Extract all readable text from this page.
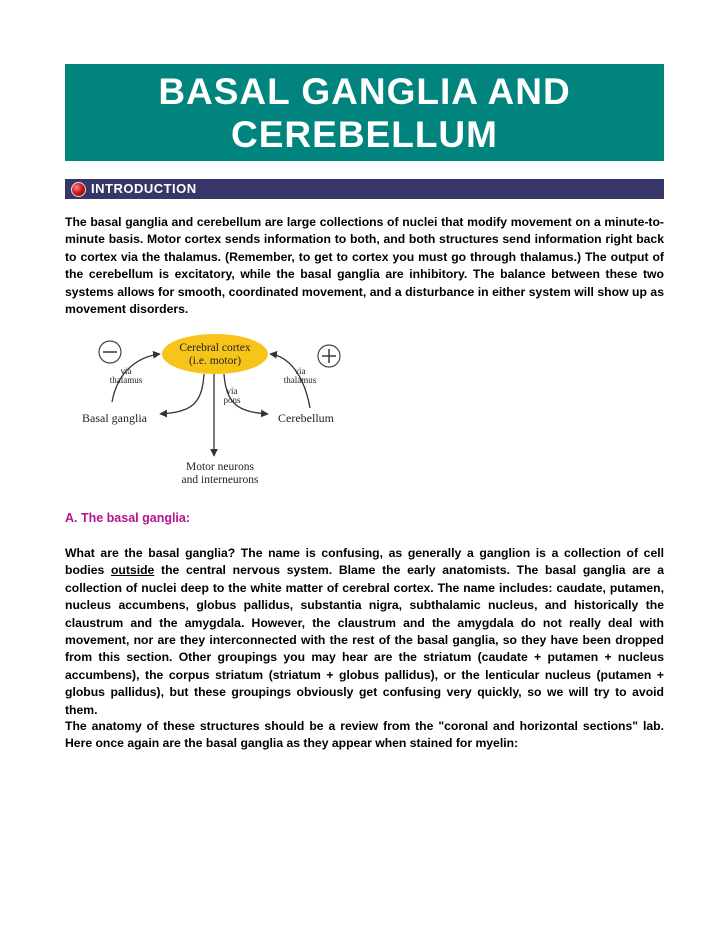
BASAL GANGLIA AND
CEREBELLUM
INTRODUCTION

The basal ganglia and cerebellum are large collections of nuclei that modify movement on a minute-to-minute basis. Motor cortex sends information to both, and both structures send information right back to cortex via the thalamus. (Remember, to get to cortex you must go through thalamus.) The output of the cerebellum is excitatory, while the basal ganglia are inhibitory. The balance between these two systems allows for smooth, coordinated movement, and a disturbance in either system will show up as movement disorders.

Cerebral cortex
(i.e. motor)
via
thalamus
via
thalamus
via
pons
Basal ganglia	Cerebellum
Motor neurons
and interneurons
A. The basal ganglia:

What are the basal ganglia? The name is confusing, as generally a ganglion is a collection of cell bodies outside the central nervous system. Blame the early anatomists. The basal ganglia are a collection of nuclei deep to the white matter of cerebral cortex. The name includes: caudate, putamen, nucleus accumbens, globus pallidus, substantia nigra, subthalamic nucleus, and historically the claustrum and the amygdala. However, the claustrum and the amygdala do not really deal with movement, nor are they interconnected with the rest of the basal ganglia, so they have been dropped from this section. Other groupings you may hear are the striatum (caudate + putamen + nucleus accumbens), the corpus striatum (striatum + globus pallidus), or the lenticular nucleus (putamen + globus pallidus), but these groupings obviously get confusing very quickly, so we will try to avoid them.

The anatomy of these structures should be a review from the "coronal and horizontal sections" lab. Here once again are the basal ganglia as they appear when stained for myelin:
